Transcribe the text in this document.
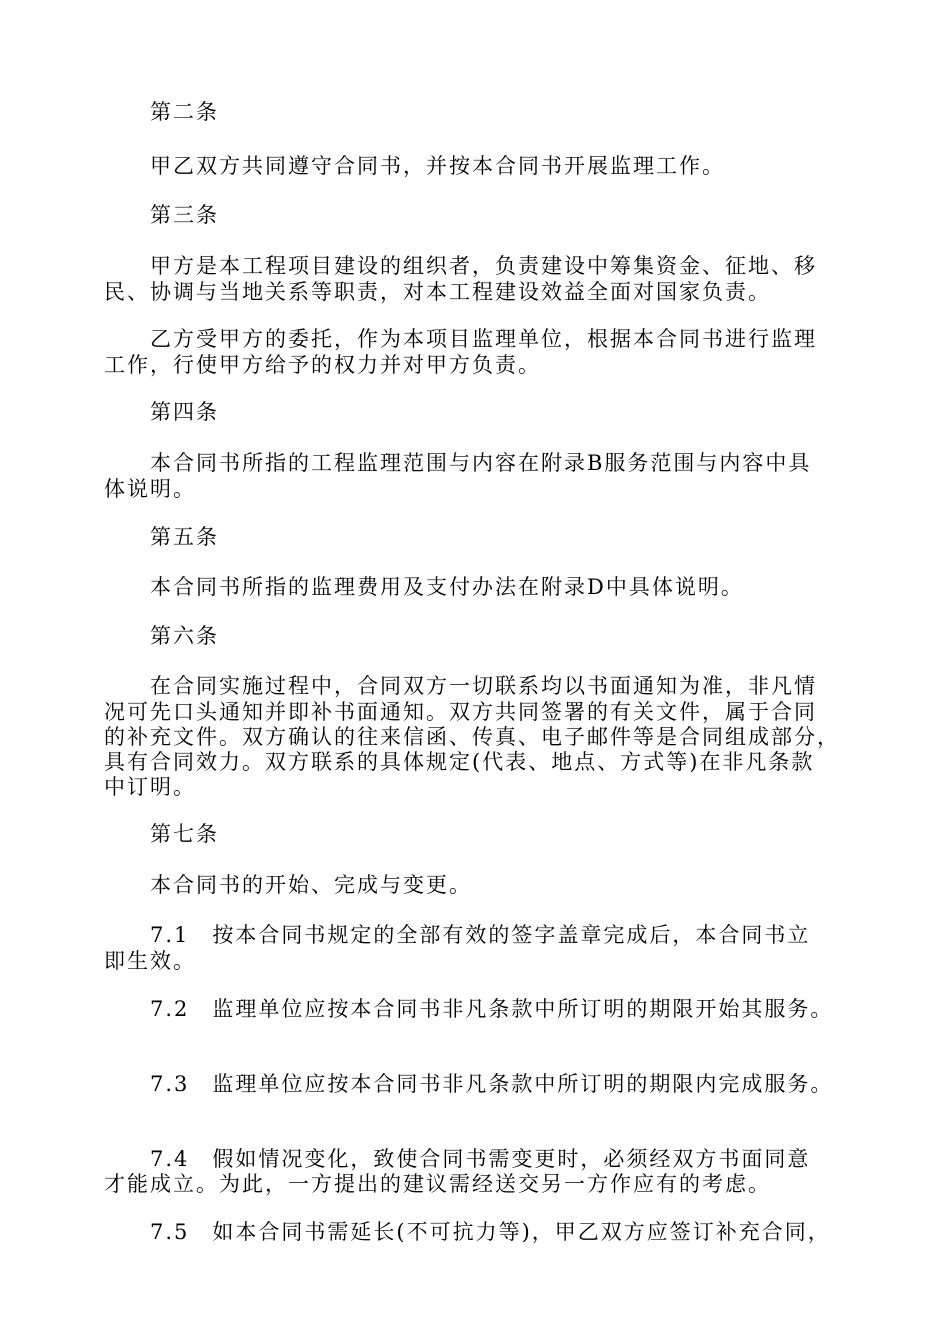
第二条
甲乙双方共同遵守合同书，并按本合同书开展监理工作。
第三条
甲方是本工程项目建设的组织者，负责建设中筹集资金、征地、移
民、协调与当地关系等职责，对本工程建设效益全面对国家负责。
乙方受甲方的委托，作为本项目监理单位，根据本合同书进行监理
工作，行使甲方给予的权力并对甲方负责。
第四条
本合同书所指的工程监理范围与内容在附录B服务范围与内容中具
体说明。
第五条
本合同书所指的监理费用及支付办法在附录D中具体说明。
第六条
在合同实施过程中，合同双方一切联系均以书面通知为准，非凡情
况可先口头通知并即补书面通知。双方共同签署的有关文件，属于合同
的补充文件。双方确认的往来信函、传真、电子邮件等是合同组成部分，
具有合同效力。双方联系的具体规定(代表、地点、方式等)在非凡条款
中订明。
第七条
本合同书的开始、完成与变更。
7.1　按本合同书规定的全部有效的签字盖章完成后，本合同书立
即生效。
7.2　监理单位应按本合同书非凡条款中所订明的期限开始其服务。
7.3　监理单位应按本合同书非凡条款中所订明的期限内完成服务。
7.4　假如情况变化，致使合同书需变更时，必须经双方书面同意
才能成立。为此，一方提出的建议需经送交另一方作应有的考虑。
7.5　如本合同书需延长(不可抗力等)，甲乙双方应签订补充合同，
